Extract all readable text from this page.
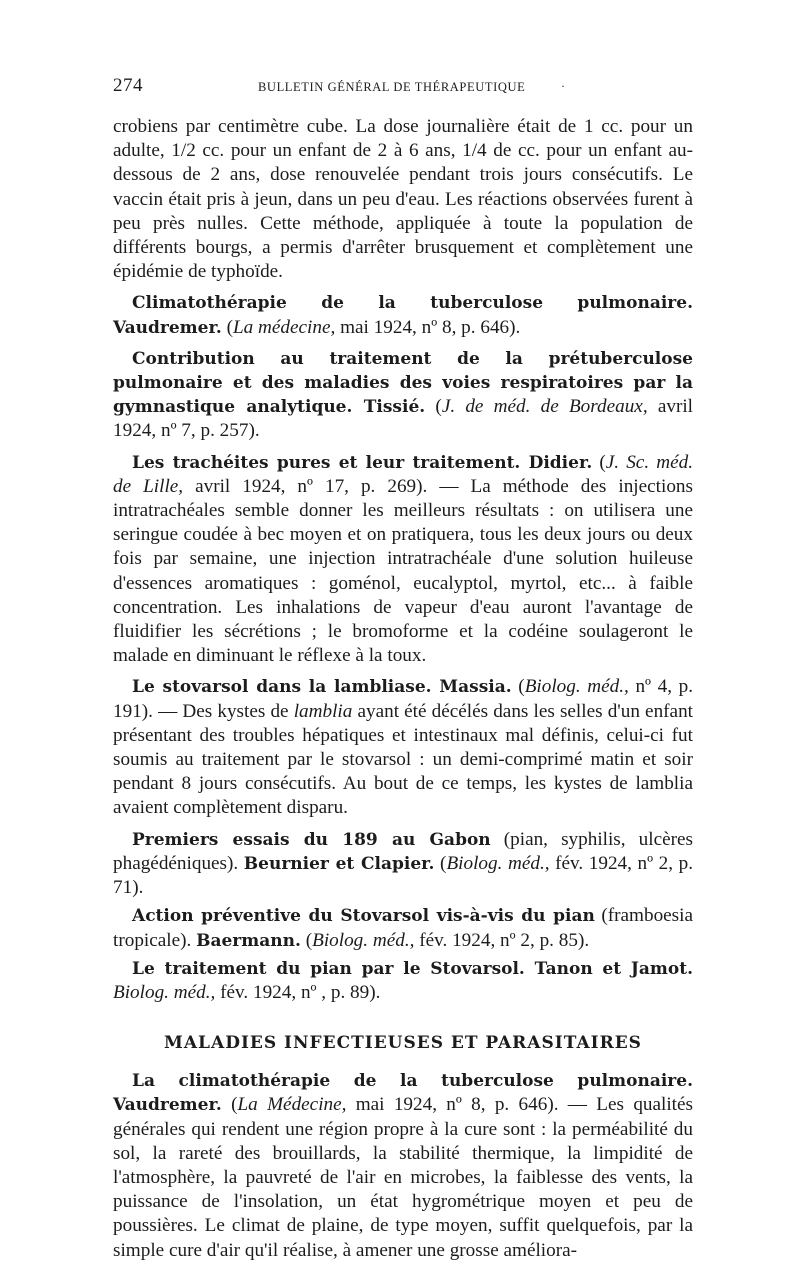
274	BULLETIN GÉNÉRAL DE THÉRAPEUTIQUE	·

crobiens par centimètre cube. La dose journalière était de 1 cc. pour un adulte, 1/2 cc. pour un enfant de 2 à 6 ans, 1/4 de cc. pour un enfant au-dessous de 2 ans, dose renouvelée pendant trois jours consécutifs. Le vaccin était pris à jeun, dans un peu d'eau. Les réactions observées furent à peu près nulles. Cette méthode, appliquée à toute la population de différents bourgs, a permis d'arrêter brusquement et complètement une épidémie de typhoïde.

Climatothérapie de la tuberculose pulmonaire. Vaudremer. (La médecine, mai 1924, nº 8, p. 646).

Contribution au traitement de la prétuberculose pulmonaire et des maladies des voies respiratoires par la gymnastique analytique. Tissié. (J. de méd. de Bordeaux, avril 1924, nº 7, p. 257).

Les trachéites pures et leur traitement. Didier. (J. Sc. méd. de Lille, avril 1924, nº 17, p. 269). — La méthode des injections intratrachéales semble donner les meilleurs résultats : on utilisera une seringue coudée à bec moyen et on pratiquera, tous les deux jours ou deux fois par semaine, une injection intratrachéale d'une solution huileuse d'essences aromatiques : goménol, eucalyptol, myrtol, etc... à faible concentration. Les inhalations de vapeur d'eau auront l'avantage de fluidifier les sécrétions ; le bromoforme et la codéine soulageront le malade en diminuant le réflexe à la toux.

Le stovarsol dans la lambliase. Massia. (Biolog. méd., nº 4, p. 191). — Des kystes de lamblia ayant été décélés dans les selles d'un enfant présentant des troubles hépatiques et intestinaux mal définis, celui-ci fut soumis au traitement par le stovarsol : un demi-comprimé matin et soir pendant 8 jours consécutifs. Au bout de ce temps, les kystes de lamblia avaient complètement disparu.

Premiers essais du 189 au Gabon (pian, syphilis, ulcères phagédéniques). Beurnier et Clapier. (Biolog. méd., fév. 1924, nº 2, p. 71).

Action préventive du Stovarsol vis-à-vis du pian (framboesia tropicale). Baermann. (Biolog. méd., fév. 1924, nº 2, p. 85).

Le traitement du pian par le Stovarsol. Tanon et Jamot. Biolog. méd., fév. 1924, nº , p. 89).

MALADIES INFECTIEUSES ET PARASITAIRES

La climatothérapie de la tuberculose pulmonaire. Vaudremer. (La Médecine, mai 1924, nº 8, p. 646). — Les qualités générales qui rendent une région propre à la cure sont : la perméabilité du sol, la rareté des brouillards, la stabilité thermique, la limpidité de l'atmosphère, la pauvreté de l'air en microbes, la faiblesse des vents, la puissance de l'insolation, un état hygrométrique moyen et peu de poussières. Le climat de plaine, de type moyen, suffit quelquefois, par la simple cure d'air qu'il réalise, à amener une grosse améliora-
